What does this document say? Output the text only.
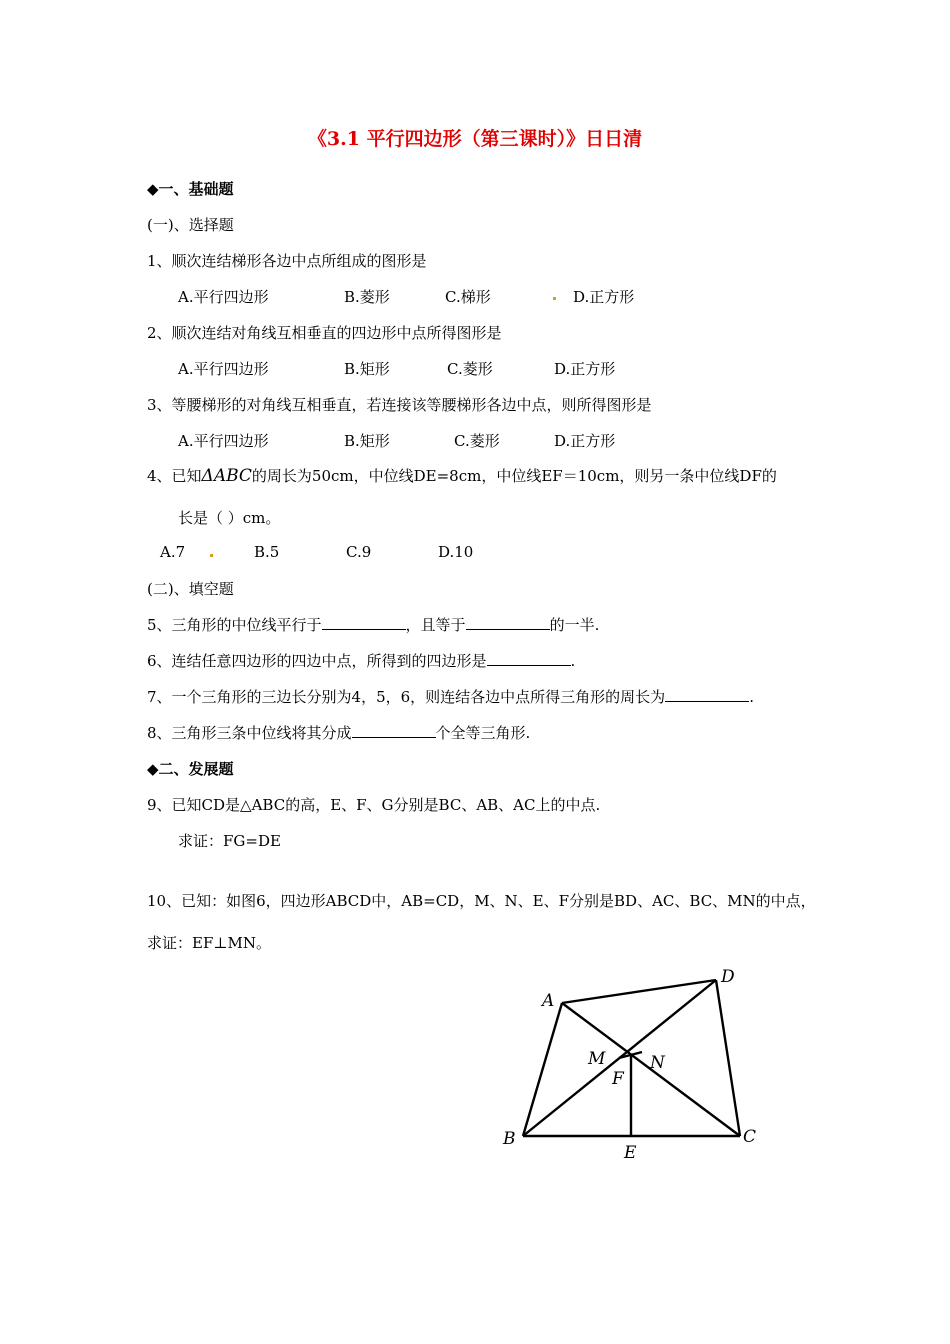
《3.1 平行四边形（第三课时）》日日清
◆一、基础题
(一)、选择题
1、顺次连结梯形各边中点所组成的图形是
A.平行四边形	B.菱形	C.梯形	D.正方形
2、顺次连结对角线互相垂直的四边形中点所得图形是
A.平行四边形	B.矩形	C.菱形	D.正方形
3、等腰梯形的对角线互相垂直，若连接该等腰梯形各边中点，则所得图形是
A.平行四边形	B.矩形	C.菱形	D.正方形
4、已知ΔABC的周长为50cm，中位线DE=8cm，中位线EF＝10cm，则另一条中位线DF的
长是（ ）cm。
A.7	B.5	C.9	D.10
(二)、填空题
5、三角形的中位线平行于	，且等于	的一半.
6、连结任意四边形的四边中点，所得到的四边形是	.
7、一个三角形的三边长分别为4，5，6，则连结各边中点所得三角形的周长为	.
8、三角形三条中位线将其分成	个全等三角形.
◆二、发展题
9、已知CD是△ABC的高，E、F、G分别是BC、AB、AC上的中点.
求证：FG=DE
10、已知：如图6，四边形ABCD中，AB=CD，M、N、E、F分别是BD、AC、BC、MN的中点，
求证：EF⊥MN。
A
D
M	N
F
B
E
C
